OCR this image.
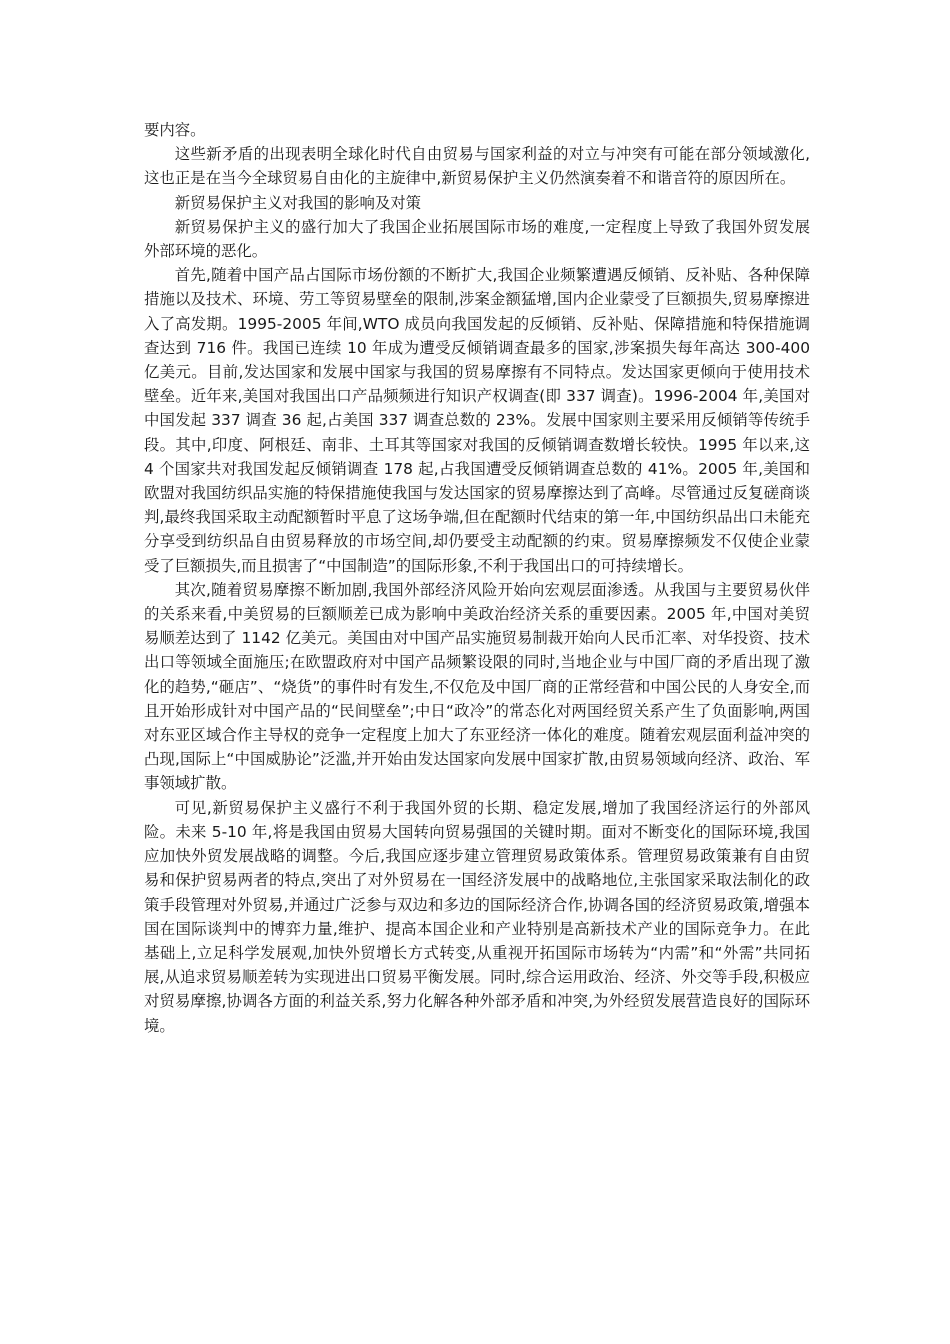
要内容。

这些新矛盾的出现表明全球化时代自由贸易与国家利益的对立与冲突有可能在部分领域激化,这也正是在当今全球贸易自由化的主旋律中,新贸易保护主义仍然演奏着不和谐音符的原因所在。

新贸易保护主义对我国的影响及对策

新贸易保护主义的盛行加大了我国企业拓展国际市场的难度,一定程度上导致了我国外贸发展外部环境的恶化。

首先,随着中国产品占国际市场份额的不断扩大,我国企业频繁遭遇反倾销、反补贴、各种保障措施以及技术、环境、劳工等贸易壁垒的限制,涉案金额猛增,国内企业蒙受了巨额损失,贸易摩擦进入了高发期。1995-2005 年间,WTO 成员向我国发起的反倾销、反补贴、保障措施和特保措施调查达到 716 件。我国已连续 10 年成为遭受反倾销调查最多的国家,涉案损失每年高达 300-400 亿美元。目前,发达国家和发展中国家与我国的贸易摩擦有不同特点。发达国家更倾向于使用技术壁垒。近年来,美国对我国出口产品频频进行知识产权调查(即 337 调查)。1996-2004 年,美国对中国发起 337 调查 36 起,占美国 337 调查总数的 23%。发展中国家则主要采用反倾销等传统手段。其中,印度、阿根廷、南非、土耳其等国家对我国的反倾销调查数增长较快。1995 年以来,这 4 个国家共对我国发起反倾销调查 178 起,占我国遭受反倾销调查总数的 41%。2005 年,美国和欧盟对我国纺织品实施的特保措施使我国与发达国家的贸易摩擦达到了高峰。尽管通过反复磋商谈判,最终我国采取主动配额暂时平息了这场争端,但在配额时代结束的第一年,中国纺织品出口未能充分享受到纺织品自由贸易释放的市场空间,却仍要受主动配额的约束。贸易摩擦频发不仅使企业蒙受了巨额损失,而且损害了“中国制造”的国际形象,不利于我国出口的可持续增长。

其次,随着贸易摩擦不断加剧,我国外部经济风险开始向宏观层面渗透。从我国与主要贸易伙伴的关系来看,中美贸易的巨额顺差已成为影响中美政治经济关系的重要因素。2005 年,中国对美贸易顺差达到了 1142 亿美元。美国由对中国产品实施贸易制裁开始向人民币汇率、对华投资、技术出口等领域全面施压;在欧盟政府对中国产品频繁设限的同时,当地企业与中国厂商的矛盾出现了激化的趋势,“砸店”、“烧货”的事件时有发生,不仅危及中国厂商的正常经营和中国公民的人身安全,而且开始形成针对中国产品的“民间壁垒”;中日“政冷”的常态化对两国经贸关系产生了负面影响,两国对东亚区域合作主导权的竞争一定程度上加大了东亚经济一体化的难度。随着宏观层面利益冲突的凸现,国际上“中国威胁论”泛滥,并开始由发达国家向发展中国家扩散,由贸易领域向经济、政治、军事领域扩散。

可见,新贸易保护主义盛行不利于我国外贸的长期、稳定发展,增加了我国经济运行的外部风险。未来 5-10 年,将是我国由贸易大国转向贸易强国的关键时期。面对不断变化的国际环境,我国应加快外贸发展战略的调整。今后,我国应逐步建立管理贸易政策体系。管理贸易政策兼有自由贸易和保护贸易两者的特点,突出了对外贸易在一国经济发展中的战略地位,主张国家采取法制化的政策手段管理对外贸易,并通过广泛参与双边和多边的国际经济合作,协调各国的经济贸易政策,增强本国在国际谈判中的博弈力量,维护、提高本国企业和产业特别是高新技术产业的国际竞争力。在此基础上,立足科学发展观,加快外贸增长方式转变,从重视开拓国际市场转为“内需”和“外需”共同拓展,从追求贸易顺差转为实现进出口贸易平衡发展。同时,综合运用政治、经济、外交等手段,积极应对贸易摩擦,协调各方面的利益关系,努力化解各种外部矛盾和冲突,为外经贸发展营造良好的国际环境。
